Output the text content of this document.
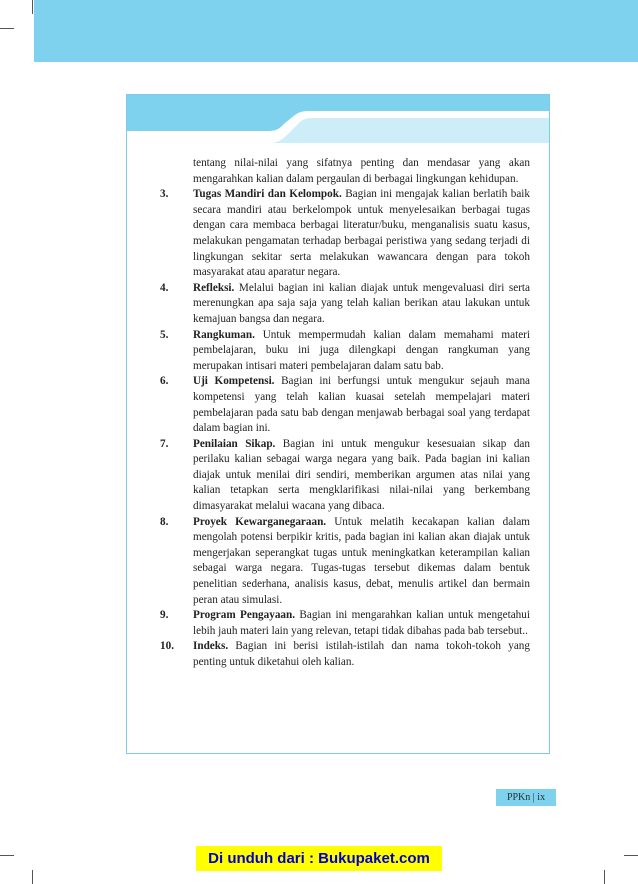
tentang nilai-nilai yang sifatnya penting dan mendasar yang akan mengarahkan kalian dalam pergaulan di berbagai lingkungan kehidupan.
3.	Tugas Mandiri dan Kelompok. Bagian ini mengajak kalian berlatih baik secara mandiri atau berkelompok untuk menyelesaikan berbagai tugas dengan cara membaca berbagai literatur/buku, menganalisis suatu kasus, melakukan pengamatan terhadap berbagai peristiwa yang sedang terjadi di lingkungan sekitar serta melakukan wawancara dengan para tokoh masyarakat atau aparatur negara.
4.	Refleksi. Melalui bagian ini kalian diajak untuk mengevaluasi diri serta merenungkan apa saja saja yang telah kalian berikan atau lakukan untuk kemajuan bangsa dan negara.
5.	Rangkuman. Untuk mempermudah kalian dalam memahami materi pembelajaran, buku ini juga dilengkapi dengan rangkuman yang merupakan intisari materi pembelajaran dalam satu bab.
6.	Uji Kompetensi. Bagian ini berfungsi untuk mengukur sejauh mana kompetensi yang telah kalian kuasai setelah mempelajari materi pembelajaran pada satu bab dengan menjawab berbagai soal yang terdapat dalam bagian ini.
7.	Penilaian Sikap. Bagian ini untuk mengukur kesesuaian sikap dan perilaku kalian sebagai warga negara yang baik. Pada bagian ini kalian diajak untuk menilai diri sendiri, memberikan argumen atas nilai yang kalian tetapkan serta mengklarifikasi nilai-nilai yang berkembang dimasyarakat melalui wacana yang dibaca.
8.	Proyek Kewarganegaraan. Untuk melatih kecakapan kalian dalam mengolah potensi berpikir kritis, pada bagian ini kalian akan diajak untuk mengerjakan seperangkat tugas untuk meningkatkan keterampilan kalian sebagai warga negara. Tugas-tugas tersebut dikemas dalam bentuk penelitian sederhana, analisis kasus, debat, menulis artikel dan bermain peran atau simulasi.
9.	Program Pengayaan. Bagian ini mengarahkan kalian untuk mengetahui lebih jauh materi lain yang relevan, tetapi tidak dibahas pada bab tersebut..
10.	Indeks. Bagian ini berisi istilah-istilah dan nama tokoh-tokoh yang penting untuk diketahui oleh kalian.
PPKn | ix
Di unduh dari : Bukupaket.com
